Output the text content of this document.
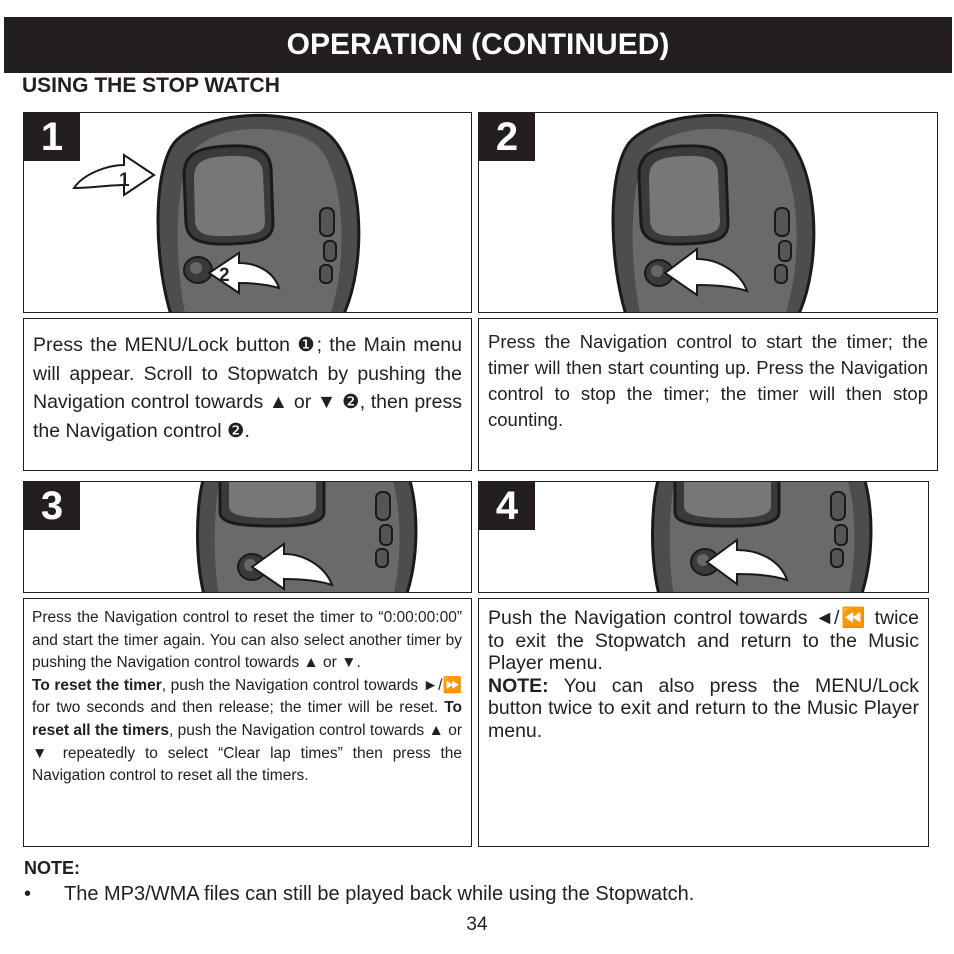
OPERATION (CONTINUED)
USING THE STOP WATCH
1
1
2
2
Press the MENU/Lock button ❶; the Main menu will appear. Scroll to Stopwatch by pushing the Navigation control towards ▲ or ▼ ❷, then press the Navigation control ❷.
Press the Navigation control to start the timer; the timer will then start counting up. Press the Navigation control to stop the timer; the timer will then stop counting.
3	4

Press the Navigation control to reset the timer to “0:00:00:00” and start the timer again. You can also select another timer by pushing the Navigation control towards ▲ or ▼.

To reset the timer, push the Navigation control towards ►/⏩ for two seconds and then release; the timer will be reset. To reset all the timers, push the Navigation control towards ▲ or ▼ repeatedly to select “Clear lap times” then press the Navigation control to reset all the timers.

Push the Navigation control towards ◄/⏪ twice to exit the Stopwatch and return to the Music Player menu.

NOTE: You can also press the MENU/Lock button twice to exit and return to the Music Player menu.

NOTE:
• The MP3/WMA files can still be played back while using the Stopwatch.
34
